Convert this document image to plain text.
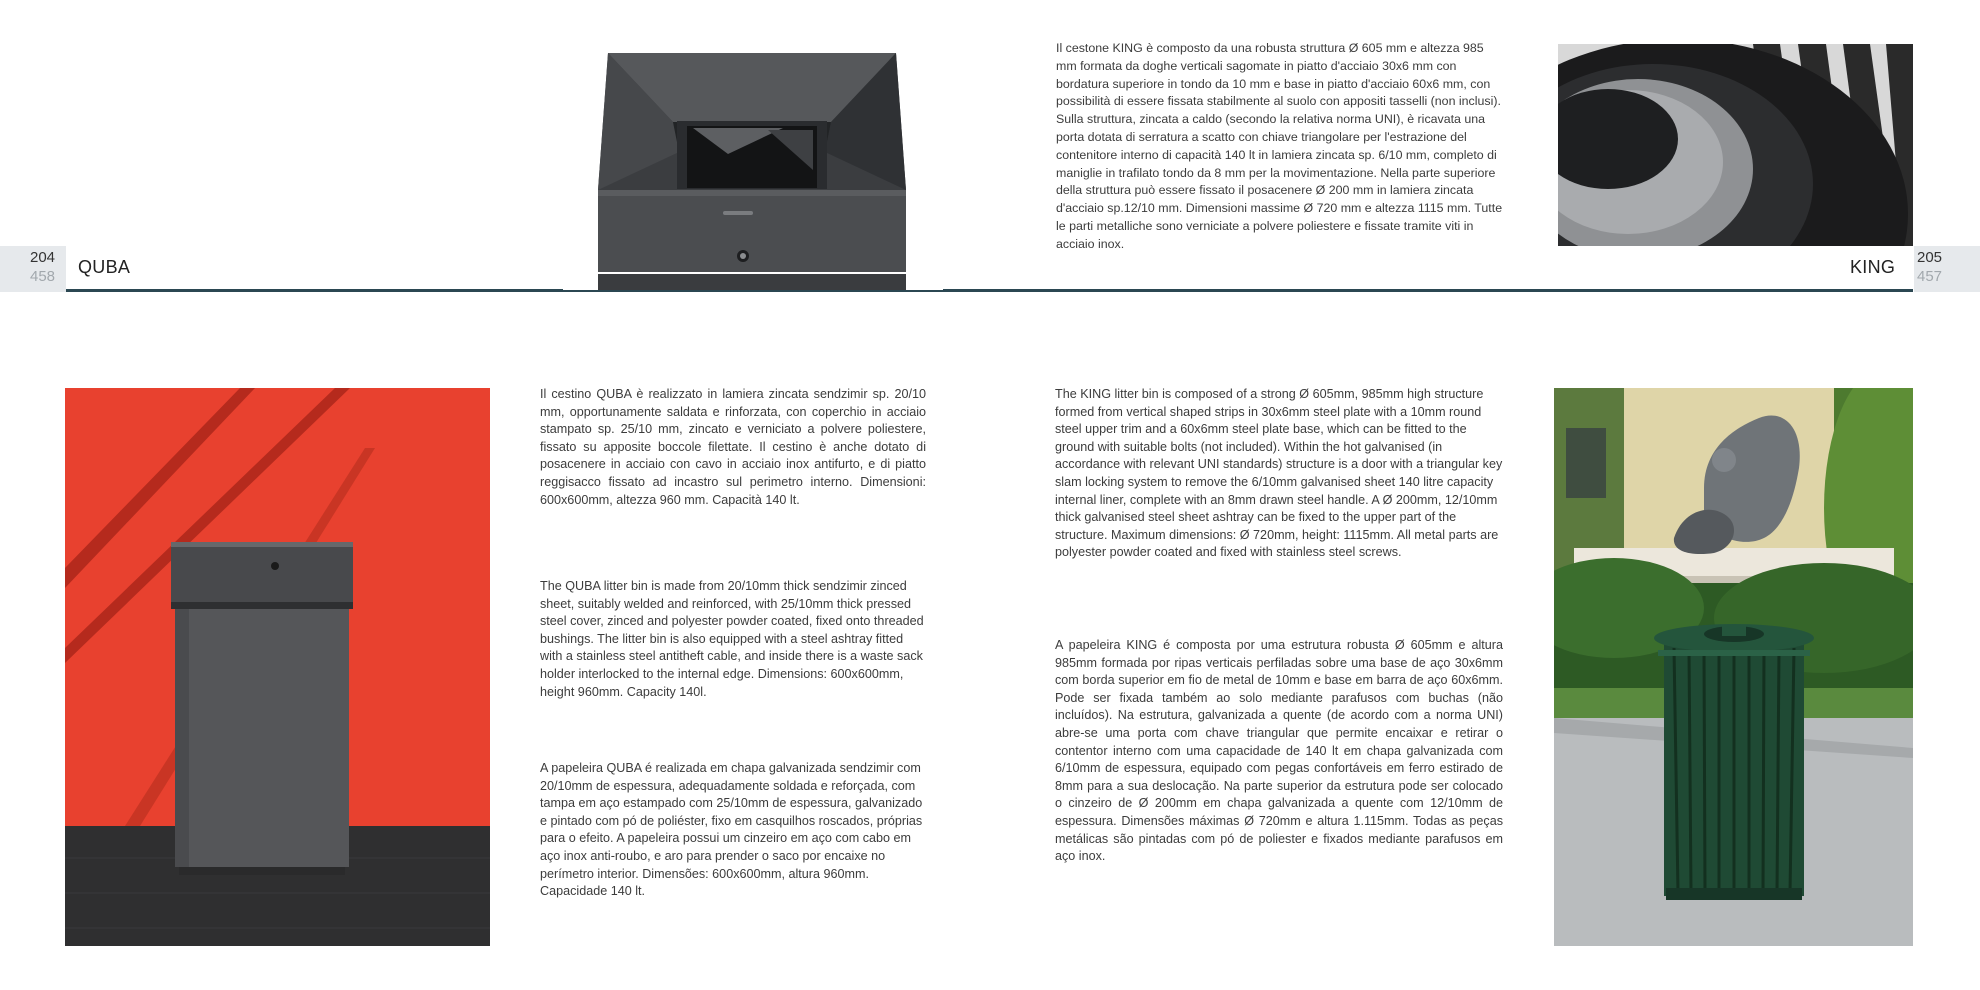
204
458
205
457
QUBA	KING
Il cestone KING è composto da una robusta struttura Ø 605 mm e altezza 985 mm formata da doghe verticali sagomate in piatto d'acciaio 30x6 mm con bordatura superiore in tondo da 10 mm e base in piatto d'acciaio 60x6 mm, con possibilità di essere fissata stabilmente al suolo con appositi tasselli (non inclusi). Sulla struttura, zincata a caldo (secondo la relativa norma UNI), è ricavata una porta dotata di serratura a scatto con chiave triangolare per l'estrazione del contenitore interno di capacità 140 lt in lamiera zincata sp. 6/10 mm, completo di maniglie in trafilato tondo da 8 mm per la movimentazione. Nella parte superiore della struttura può essere fissato il posacenere Ø 200 mm in lamiera zincata d'acciaio sp.12/10 mm. Dimensioni massime Ø 720 mm e altezza 1115 mm. Tutte le parti metalliche sono verniciate a polvere poliestere e fissate tramite viti in acciaio inox.
Il cestino QUBA è realizzato in lamiera zincata sendzimir sp. 20/10 mm, opportunamente saldata e rinforzata, con coperchio in acciaio stampato sp. 25/10 mm, zincato e verniciato a polvere poliestere, fissato su apposite boccole filettate. Il cestino è anche dotato di posacenere in acciaio con cavo in acciaio inox antifurto, e di piatto reggisacco fissato ad incastro sul perimetro interno. Dimensioni: 600x600mm, altezza 960 mm. Capacità 140 lt.
The QUBA litter bin is made from 20/10mm thick sendzimir zinced sheet, suitably welded and reinforced, with 25/10mm thick pressed steel cover, zinced and polyester powder coated, fixed onto threaded bushings. The litter bin is also equipped with a steel ashtray fitted with a stainless steel antitheft cable, and inside there is a waste sack holder interlocked to the internal edge. Dimensions: 600x600mm, height 960mm. Capacity 140l.
A papeleira QUBA é realizada em chapa galvanizada sendzimir com 20/10mm de espessura, adequadamente soldada e reforçada, com tampa em aço estampado com 25/10mm de espessura, galvanizado e pintado com pó de poliéster, fixo em casquilhos roscados, próprias para o efeito. A papeleira possui um cinzeiro em aço com cabo em aço inox anti-roubo, e aro para prender o saco por encaixe no perímetro interior. Dimensões: 600x600mm, altura 960mm. Capacidade 140 lt.
The KING litter bin is composed of a strong Ø 605mm, 985mm high structure formed from vertical shaped strips in 30x6mm steel plate with a 10mm round steel upper trim and a 60x6mm steel plate base, which can be fitted to the ground with suitable bolts (not included). Within the hot galvanised (in accordance with relevant UNI standards) structure is a door with a triangular key slam locking system to remove the 6/10mm galvanised sheet 140 litre capacity internal liner, complete with an 8mm drawn steel handle. A Ø 200mm, 12/10mm thick galvanised steel sheet ashtray can be fixed to the upper part of the structure. Maximum dimensions: Ø 720mm, height: 1115mm. All metal parts are polyester powder coated and fixed with stainless steel screws.
A papeleira KING é composta por uma estrutura robusta Ø 605mm e altura 985mm formada por ripas verticais perfiladas sobre uma base de aço 30x6mm com borda superior em fio de metal de 10mm e base em barra de aço 60x6mm. Pode ser fixada também ao solo mediante parafusos com buchas (não incluídos). Na estrutura, galvanizada a quente (de acordo com a norma UNI) abre-se uma porta com chave triangular que permite encaixar e retirar o contentor interno com uma capacidade de 140 lt em chapa galvanizada com 6/10mm de espessura, equipado com pegas confortáveis em ferro estirado de 8mm para a sua deslocação. Na parte superior da estrutura pode ser colocado o cinzeiro de Ø 200mm em chapa galvanizada a quente com 12/10mm de espessura. Dimensões máximas Ø 720mm e altura 1.115mm. Todas as peças metálicas são pintadas com pó de poliester e fixados mediante parafusos em aço inox.
